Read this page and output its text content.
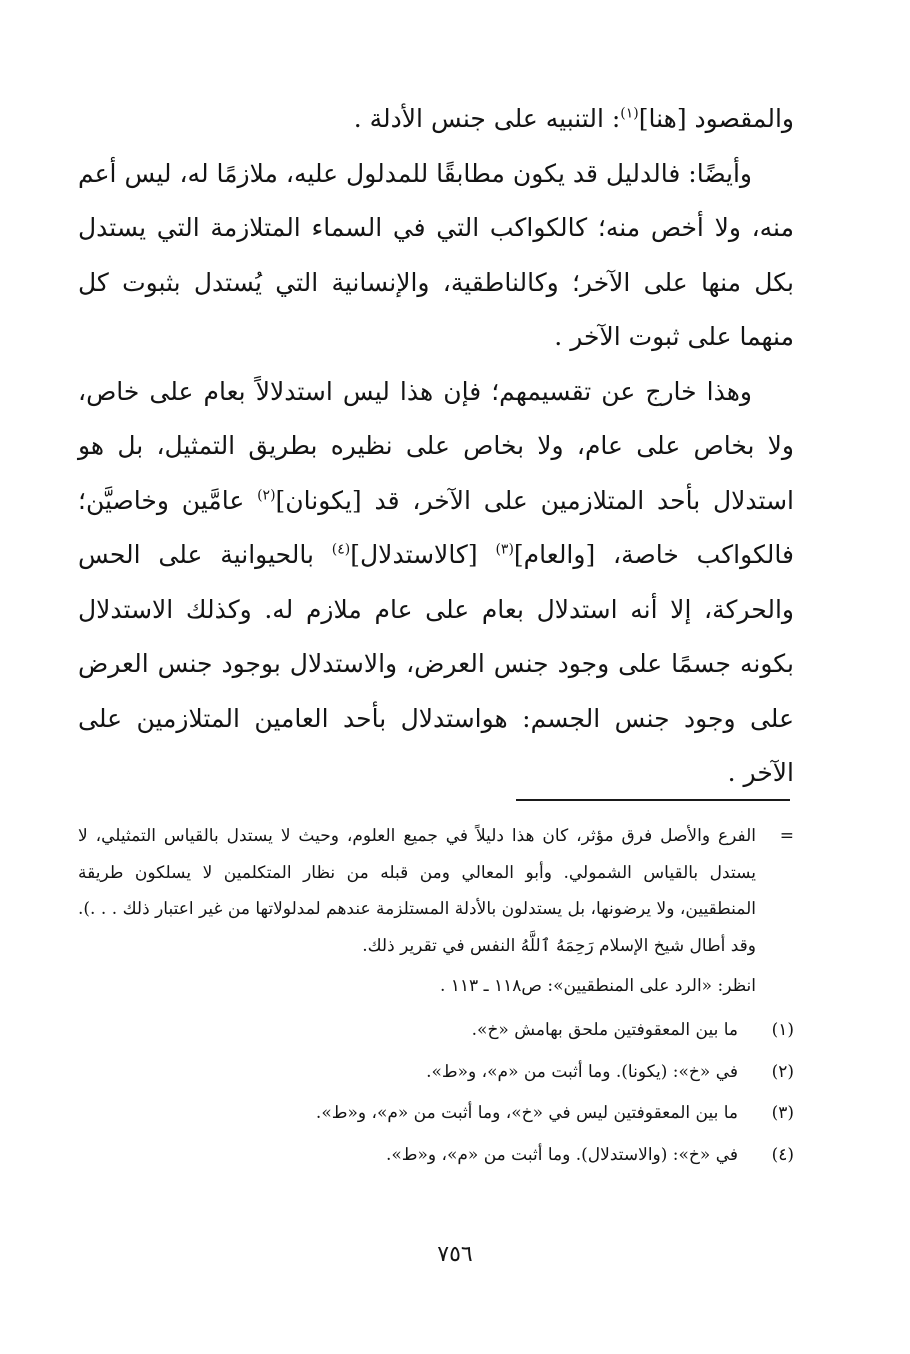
والمقصود [هنا]$^{(١)}$: التنبيه على جنس الأدلة .

وأيضًا: فالدليل قد يكون مطابقًا للمدلول عليه، ملازمًا له، ليس أعم منه، ولا أخص منه؛ كالكواكب التي في السماء المتلازمة التي يستدل بكل منها على الآخر؛ وكالناطقية، والإنسانية التي يُستدل بثبوت كل منهما على ثبوت الآخر .

وهذا خارج عن تقسيمهم؛ فإن هذا ليس استدلالاً بعام على خاص، ولا بخاص على عام، ولا بخاص على نظيره بطريق التمثيل، بل هو استدلال بأحد المتلازمين على الآخر، قد [يكونان]$^{(٢)}$ عامَّين وخاصيَّن؛ فالكواكب خاصة، [والعام]$^{(٣)}$ [كالاستدلال]$^{(٤)}$ بالحيوانية على الحس والحركة، إلا أنه استدلال بعام على عام ملازم له. وكذلك الاستدلال بكونه جسمًا على وجود جنس العرض، والاستدلال بوجود جنس العرض على وجود جنس الجسم: هواستدلال بأحد العامين المتلازمين على الآخر .

=
الفرع والأصل فرق مؤثر، كان هذا دليلاً في جميع العلوم، وحيث لا يستدل بالقياس التمثيلي، لا يستدل بالقياس الشمولي. وأبو المعالي ومن قبله من نظار المتكلمين لا يسلكون طريقة المنطقيين، ولا يرضونها، بل يستدلون بالأدلة المستلزمة عندهم لمدلولاتها من غير اعتبار ذلك . . .). وقد أطال شيخ الإسلام رَحِمَهُ ٱللَّهُ النفس في تقرير ذلك.
انظر: «الرد على المنطقيين»: ص١١٨ ـ ١١٣ .
(١)
ما بين المعقوفتين ملحق بهامش «خ».
(٢)
في «خ»: (يكونا). وما أثبت من «م»، و«ط».
(٣)
ما بين المعقوفتين ليس في «خ»، وما أثبت من «م»، و«ط».
(٤)
في «خ»: (والاستدلال). وما أثبت من «م»، و«ط».
٧٥٦
